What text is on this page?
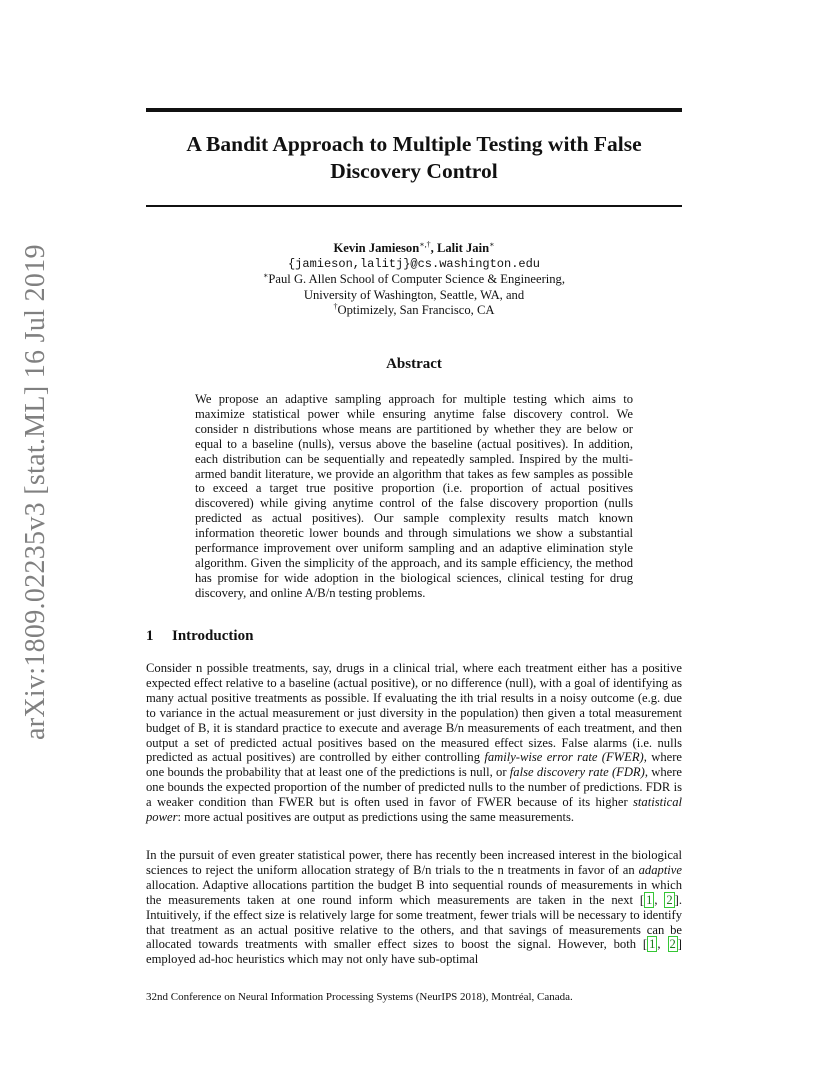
arXiv:1809.02235v3 [stat.ML] 16 Jul 2019
A Bandit Approach to Multiple Testing with False Discovery Control
Kevin Jamieson∗,†, Lalit Jain∗
{jamieson,lalitj}@cs.washington.edu
∗Paul G. Allen School of Computer Science & Engineering,
University of Washington, Seattle, WA, and
†Optimizely, San Francisco, CA
Abstract
We propose an adaptive sampling approach for multiple testing which aims to maximize statistical power while ensuring anytime false discovery control. We consider n distributions whose means are partitioned by whether they are below or equal to a baseline (nulls), versus above the baseline (actual positives). In addition, each distribution can be sequentially and repeatedly sampled. Inspired by the multi-armed bandit literature, we provide an algorithm that takes as few samples as possible to exceed a target true positive proportion (i.e. proportion of actual positives discovered) while giving anytime control of the false discovery proportion (nulls predicted as actual positives). Our sample complexity results match known information theoretic lower bounds and through simulations we show a substantial performance improvement over uniform sampling and an adaptive elimination style algorithm. Given the simplicity of the approach, and its sample efficiency, the method has promise for wide adoption in the biological sciences, clinical testing for drug discovery, and online A/B/n testing problems.
1 Introduction

Consider n possible treatments, say, drugs in a clinical trial, where each treatment either has a positive expected effect relative to a baseline (actual positive), or no difference (null), with a goal of identifying as many actual positive treatments as possible. If evaluating the ith trial results in a noisy outcome (e.g. due to variance in the actual measurement or just diversity in the population) then given a total measurement budget of B, it is standard practice to execute and average B/n measurements of each treatment, and then output a set of predicted actual positives based on the measured effect sizes. False alarms (i.e. nulls predicted as actual positives) are controlled by either controlling family-wise error rate (FWER), where one bounds the probability that at least one of the predictions is null, or false discovery rate (FDR), where one bounds the expected proportion of the number of predicted nulls to the number of predictions. FDR is a weaker condition than FWER but is often used in favor of FWER because of its higher statistical power: more actual positives are output as predictions using the same measurements.

In the pursuit of even greater statistical power, there has recently been increased interest in the biological sciences to reject the uniform allocation strategy of B/n trials to the n treatments in favor of an adaptive allocation. Adaptive allocations partition the budget B into sequential rounds of measurements in which the measurements taken at one round inform which measurements are taken in the next [ 1 , 2 ]. Intuitively, if the effect size is relatively large for some treatment, fewer trials will be necessary to identify that treatment as an actual positive relative to the others, and that savings of measurements can be allocated towards treatments with smaller effect sizes to boost the signal. However, both [ 1 , 2 ] employed ad-hoc heuristics which may not only have sub-optimal

32nd Conference on Neural Information Processing Systems (NeurIPS 2018), Montréal, Canada.
